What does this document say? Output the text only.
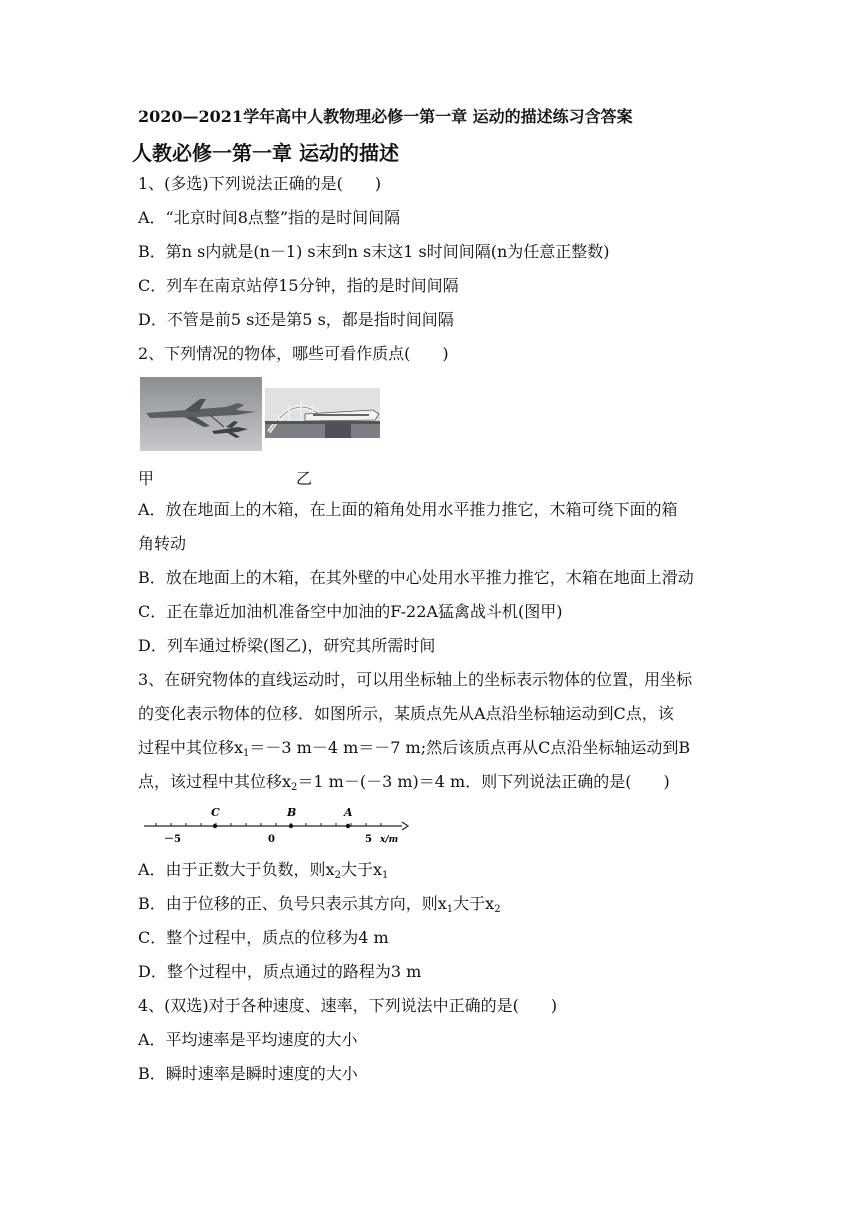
2020—2021学年高中人教物理必修一第一章 运动的描述练习含答案
人教必修一第一章 运动的描述
1、(多选)下列说法正确的是(　　)
A．“北京时间8点整”指的是时间间隔
B．第n s内就是(n－1) s末到n s末这1 s时间间隔(n为任意正整数)
C．列车在南京站停15分钟，指的是时间间隔
D．不管是前5 s还是第5 s，都是指时间间隔
2、下列情况的物体，哪些可看作质点(　　)
甲	乙
A．放在地面上的木箱，在上面的箱角处用水平推力推它，木箱可绕下面的箱
角转动
B．放在地面上的木箱，在其外壁的中心处用水平推力推它，木箱在地面上滑动
C．正在靠近加油机准备空中加油的F-22A猛禽战斗机(图甲)
D．列车通过桥梁(图乙)，研究其所需时间
3、在研究物体的直线运动时，可以用坐标轴上的坐标表示物体的位置，用坐标
的变化表示物体的位移．如图所示，某质点先从A点沿坐标轴运动到C点，该
过程中其位移$x_1=-3$ m－4 m＝－7 m;然后该质点再从C点沿坐标轴运动到B
点，该过程中其位移$x_2=1$ m－(－3 m)＝4 m．则下列说法正确的是(　　)
C	B	A
－5	0	5 x/m
A．由于正数大于负数，则$x_2$大于$x_1$
B．由于位移的正、负号只表示其方向，则$x_1$大于$x_2$
C．整个过程中，质点的位移为4 m
D．整个过程中，质点通过的路程为3 m
4、(双选)对于各种速度、速率，下列说法中正确的是(　　)
A．平均速率是平均速度的大小
B．瞬时速率是瞬时速度的大小
